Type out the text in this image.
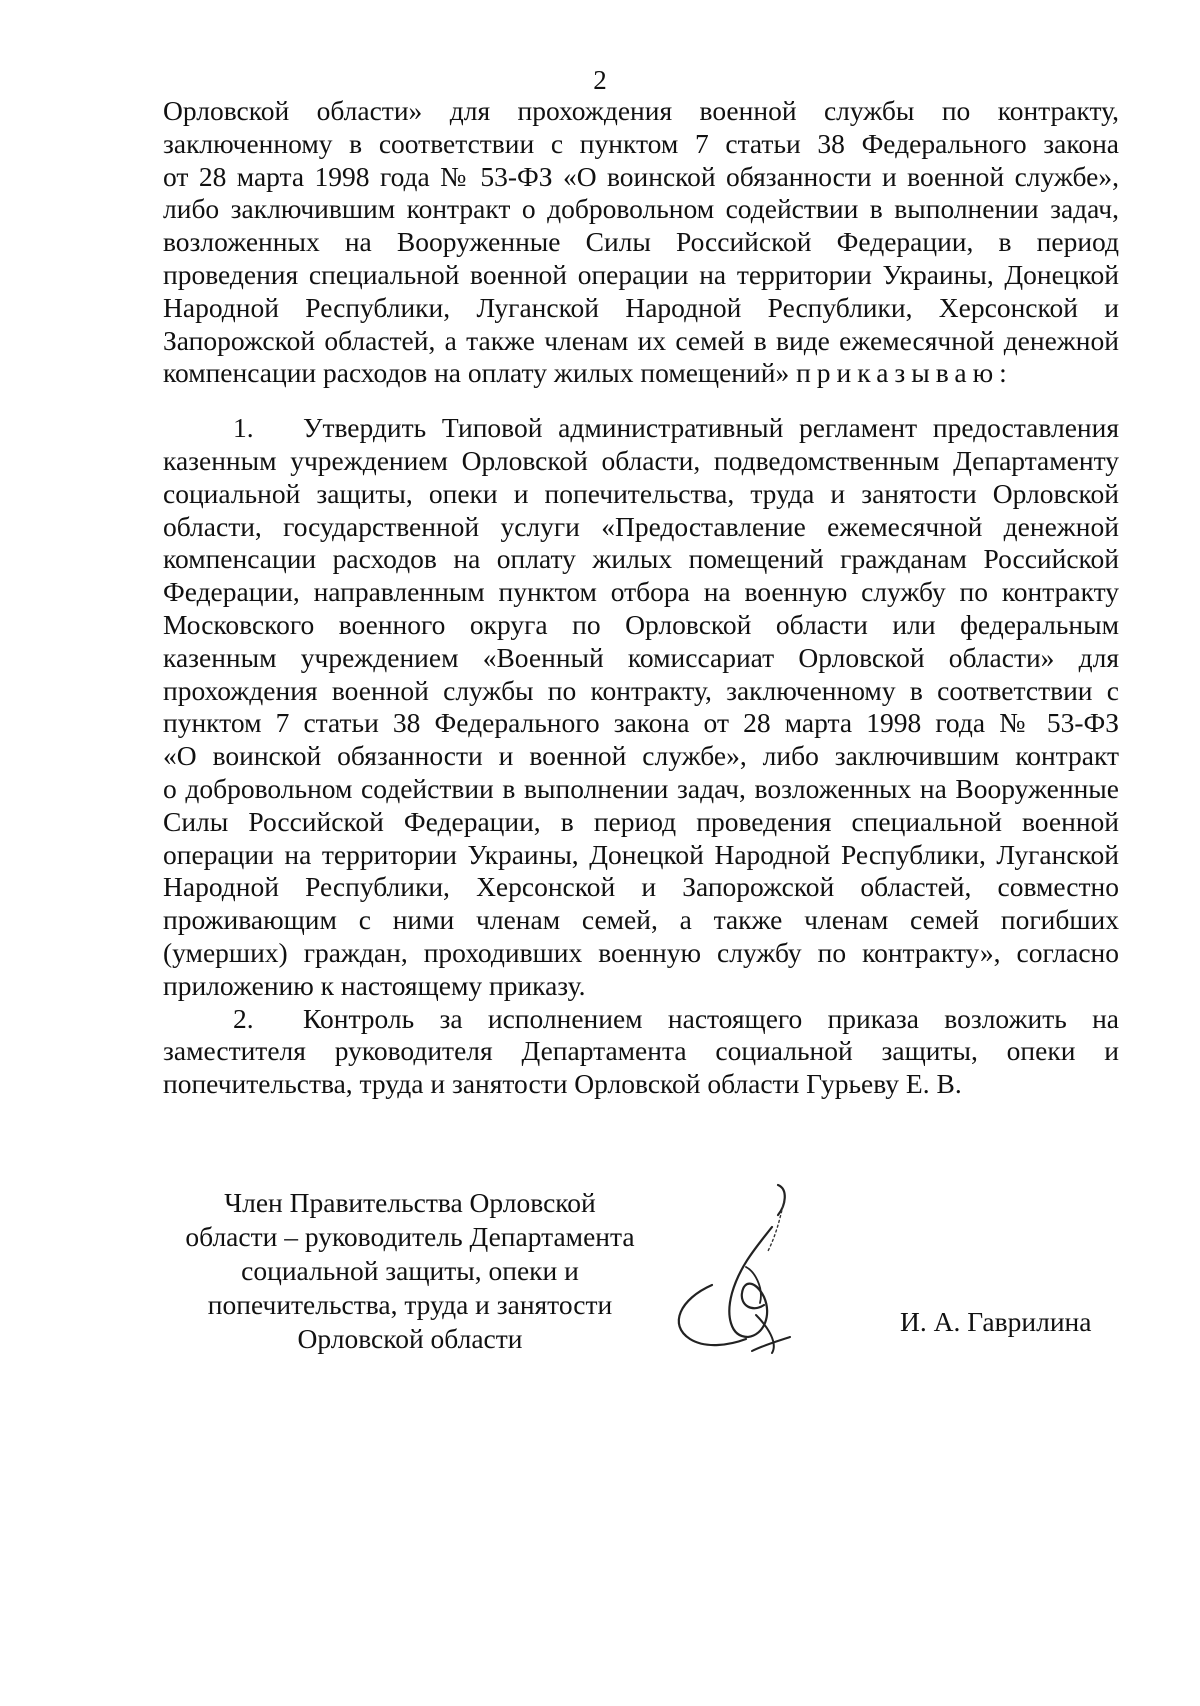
2

Орловской области» для прохождения военной службы по контракту,
заключенному в соответствии с пунктом 7 статьи 38 Федерального закона
от 28 марта 1998 года № 53-ФЗ «О воинской обязанности и военной службе»,
либо заключившим контракт о добровольном содействии в выполнении задач,
возложенных на Вооруженные Силы Российской Федерации, в период
проведения специальной военной операции на территории Украины, Донецкой
Народной Республики, Луганской Народной Республики, Херсонской и
Запорожской областей, а также членам их семей в виде ежемесячной денежной
компенсации расходов на оплату жилых помещений» приказываю:

1. Утвердить Типовой административный регламент предоставления
казенным учреждением Орловской области, подведомственным Департаменту
социальной защиты, опеки и попечительства, труда и занятости Орловской
области, государственной услуги «Предоставление ежемесячной денежной
компенсации расходов на оплату жилых помещений гражданам Российской
Федерации, направленным пунктом отбора на военную службу по контракту
Московского военного округа по Орловской области или федеральным
казенным учреждением «Военный комиссариат Орловской области» для
прохождения военной службы по контракту, заключенному в соответствии с
пунктом 7 статьи 38 Федерального закона от 28 марта 1998 года № 53-ФЗ
«О воинской обязанности и военной службе», либо заключившим контракт
о добровольном содействии в выполнении задач, возложенных на Вооруженные
Силы Российской Федерации, в период проведения специальной военной
операции на территории Украины, Донецкой Народной Республики, Луганской
Народной Республики, Херсонской и Запорожской областей, совместно
проживающим с ними членам семей, а также членам семей погибших
(умерших) граждан, проходивших военную службу по контракту», согласно
приложению к настоящему приказу.

2. Контроль за исполнением настоящего приказа возложить на
заместителя руководителя Департамента социальной защиты, опеки и
попечительства, труда и занятости Орловской области Гурьеву Е. В.

Член Правительства Орловской
области – руководитель Департамента
социальной защиты, опеки и
попечительства, труда и занятости
Орловской области
И. А. Гаврилина
